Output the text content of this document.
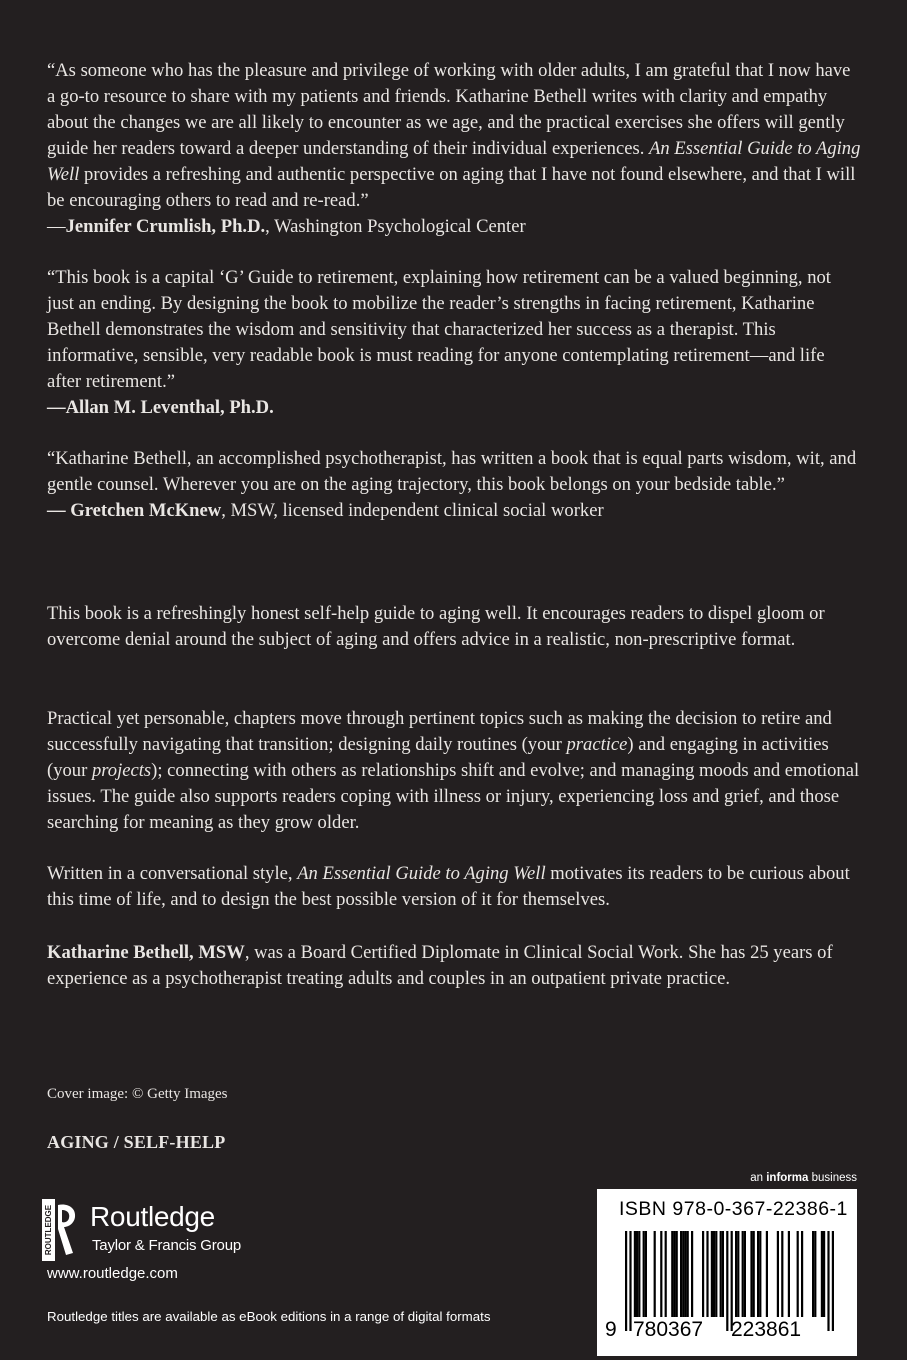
“As someone who has the pleasure and privilege of working with older adults, I am grateful that I now have a go-to resource to share with my patients and friends. Katharine Bethell writes with clarity and empathy about the changes we are all likely to encounter as we age, and the practical exercises she offers will gently guide her readers toward a deeper understanding of their individual experiences. An Essential Guide to Aging Well provides a refreshing and authentic perspective on aging that I have not found elsewhere, and that I will be encouraging others to read and re-read.”

—Jennifer Crumlish, Ph.D., Washington Psychological Center

“This book is a capital ‘G’ Guide to retirement, explaining how retirement can be a valued beginning, not just an ending. By designing the book to mobilize the reader’s strengths in facing retirement, Katharine Bethell demonstrates the wisdom and sensitivity that characterized her success as a therapist. This informative, sensible, very readable book is must reading for anyone contemplating retirement—and life after retirement.”

—Allan M. Leventhal, Ph.D.

“Katharine Bethell, an accomplished psychotherapist, has written a book that is equal parts wisdom, wit, and gentle counsel. Wherever you are on the aging trajectory, this book belongs on your bedside table.”

— Gretchen McKnew, MSW, licensed independent clinical social worker

This book is a refreshingly honest self-help guide to aging well. It encourages readers to dispel gloom or overcome denial around the subject of aging and offers advice in a realistic, non-prescriptive format.

Practical yet personable, chapters move through pertinent topics such as making the decision to retire and successfully navigating that transition; designing daily routines (your practice) and engaging in activities (your projects); connecting with others as relationships shift and evolve; and managing moods and emotional issues. The guide also supports readers coping with illness or injury, experiencing loss and grief, and those searching for meaning as they grow older.

Written in a conversational style, An Essential Guide to Aging Well motivates its readers to be curious about this time of life, and to design the best possible version of it for themselves.

Katharine Bethell, MSW, was a Board Certified Diplomate in Clinical Social Work. She has 25 years of experience as a psychotherapist treating adults and couples in an outpatient private practice.

Cover image: © Getty Images
AGING / SELF-HELP
ROUTLEDGE Routledge
Taylor & Francis Group
www.routledge.com
Routledge titles are available as eBook editions in a range of digital formats
an informa business
ISBN 978-0-367-22386-1
9 780367 223861
